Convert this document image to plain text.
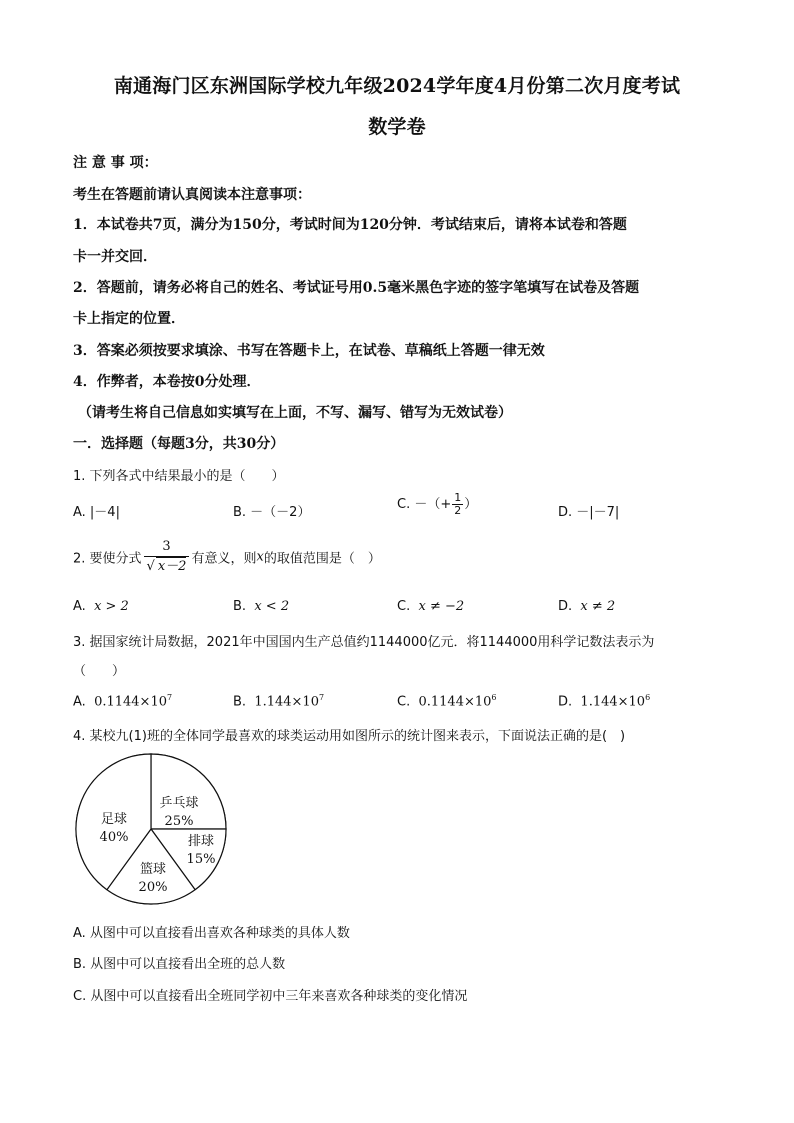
南通海门区东洲国际学校九年级2024学年度4月份第二次月度考试
数学卷
注 意 事 项：
考生在答题前请认真阅读本注意事项：
1．本试卷共7页，满分为150分，考试时间为120分钟．考试结束后，请将本试卷和答题
卡一并交回．
2．答题前，请务必将自己的姓名、考试证号用0.5毫米黑色字迹的签字笔填写在试卷及答题
卡上指定的位置．
3．答案必须按要求填涂、书写在答题卡上，在试卷、草稿纸上答题一律无效
4．作弊者，本卷按0分处理．
（请考生将自己信息如实填写在上面，不写、漏写、错写为无效试卷）
一．选择题（每题3分，共30分）
1. 下列各式中结果最小的是（　　）
A. |－4|	B. －（－2）
C. －（+ $\frac{1}{2}$ ）
D. －|－7|
2. 要使分式 $\frac{3}{√ x-2}$ 有意义，则x的取值范围是（　）
A. x > 2	B. x < 2	C. x ≠ −2	D. x ≠ 2
3. 据国家统计局数据，2021年中国国内生产总值约1144000亿元．将1144000用科学记数法表示为
（　　）
A. $0.1144\times 10^7$	B. $1.144\times 10^7$	C. $0.1144\times 10^6$	D. $1.144\times 10^6$
4. 某校九(1)班的全体同学最喜欢的球类运动用如图所示的统计图来表示，下面说法正确的是(　)
乒乓球
25%
排球
15%
篮球
20%
足球
40%
A. 从图中可以直接看出喜欢各种球类的具体人数
B. 从图中可以直接看出全班的总人数
C. 从图中可以直接看出全班同学初中三年来喜欢各种球类的变化情况
